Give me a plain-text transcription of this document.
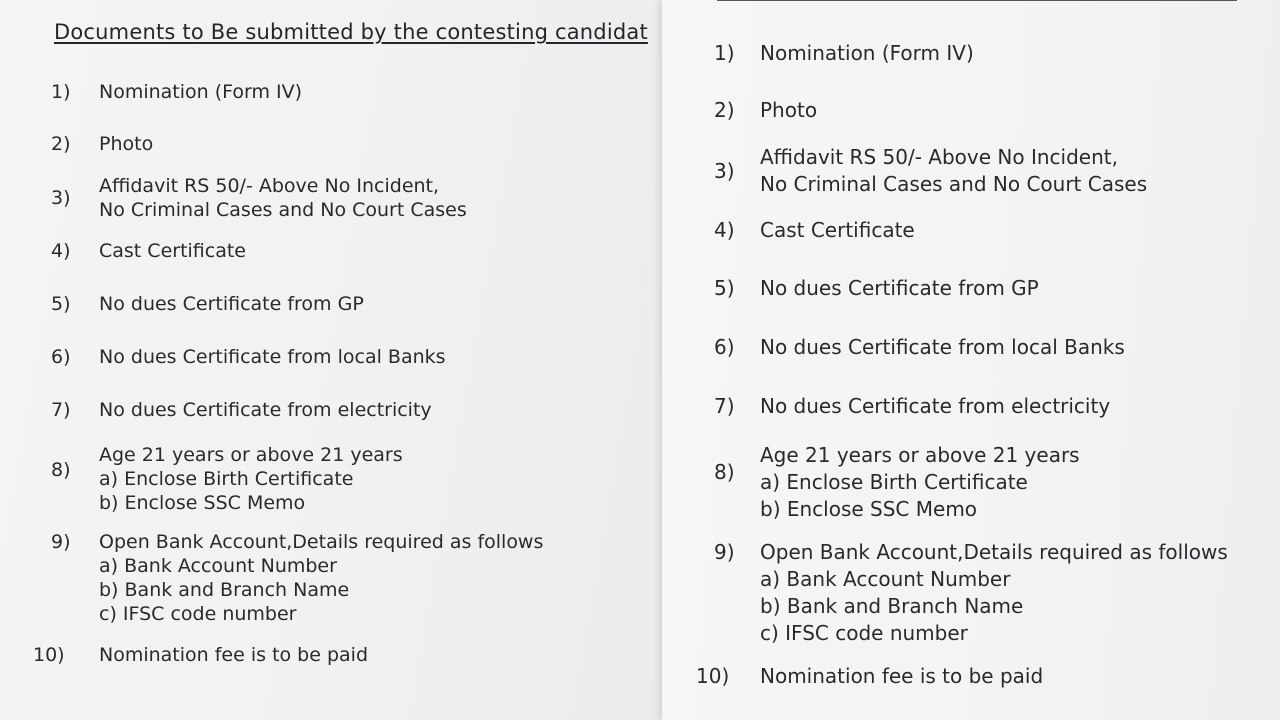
Documents to Be submitted by the contesting candidat
1) Nomination (Form IV)
2) Photo
3)
Affidavit RS 50/- Above No Incident,
No Criminal Cases and No Court Cases
4) Cast Certificate
5) No dues Certificate from GP
6) No dues Certificate from local Banks
7) No dues Certificate from electricity
8)
Age 21 years or above 21 years
a) Enclose Birth Certificate
b) Enclose SSC Memo
9) Open Bank Account,Details required as follows
a) Bank Account Number
b) Bank and Branch Name
c) IFSC code number
10) Nomination fee is to be paid
1) Nomination (Form IV)
2) Photo
3)
Affidavit RS 50/- Above No Incident,
No Criminal Cases and No Court Cases
4) Cast Certificate
5) No dues Certificate from GP
6) No dues Certificate from local Banks
7) No dues Certificate from electricity
8)
Age 21 years or above 21 years
a) Enclose Birth Certificate
b) Enclose SSC Memo
9) Open Bank Account,Details required as follows
a) Bank Account Number
b) Bank and Branch Name
c) IFSC code number
10) Nomination fee is to be paid
